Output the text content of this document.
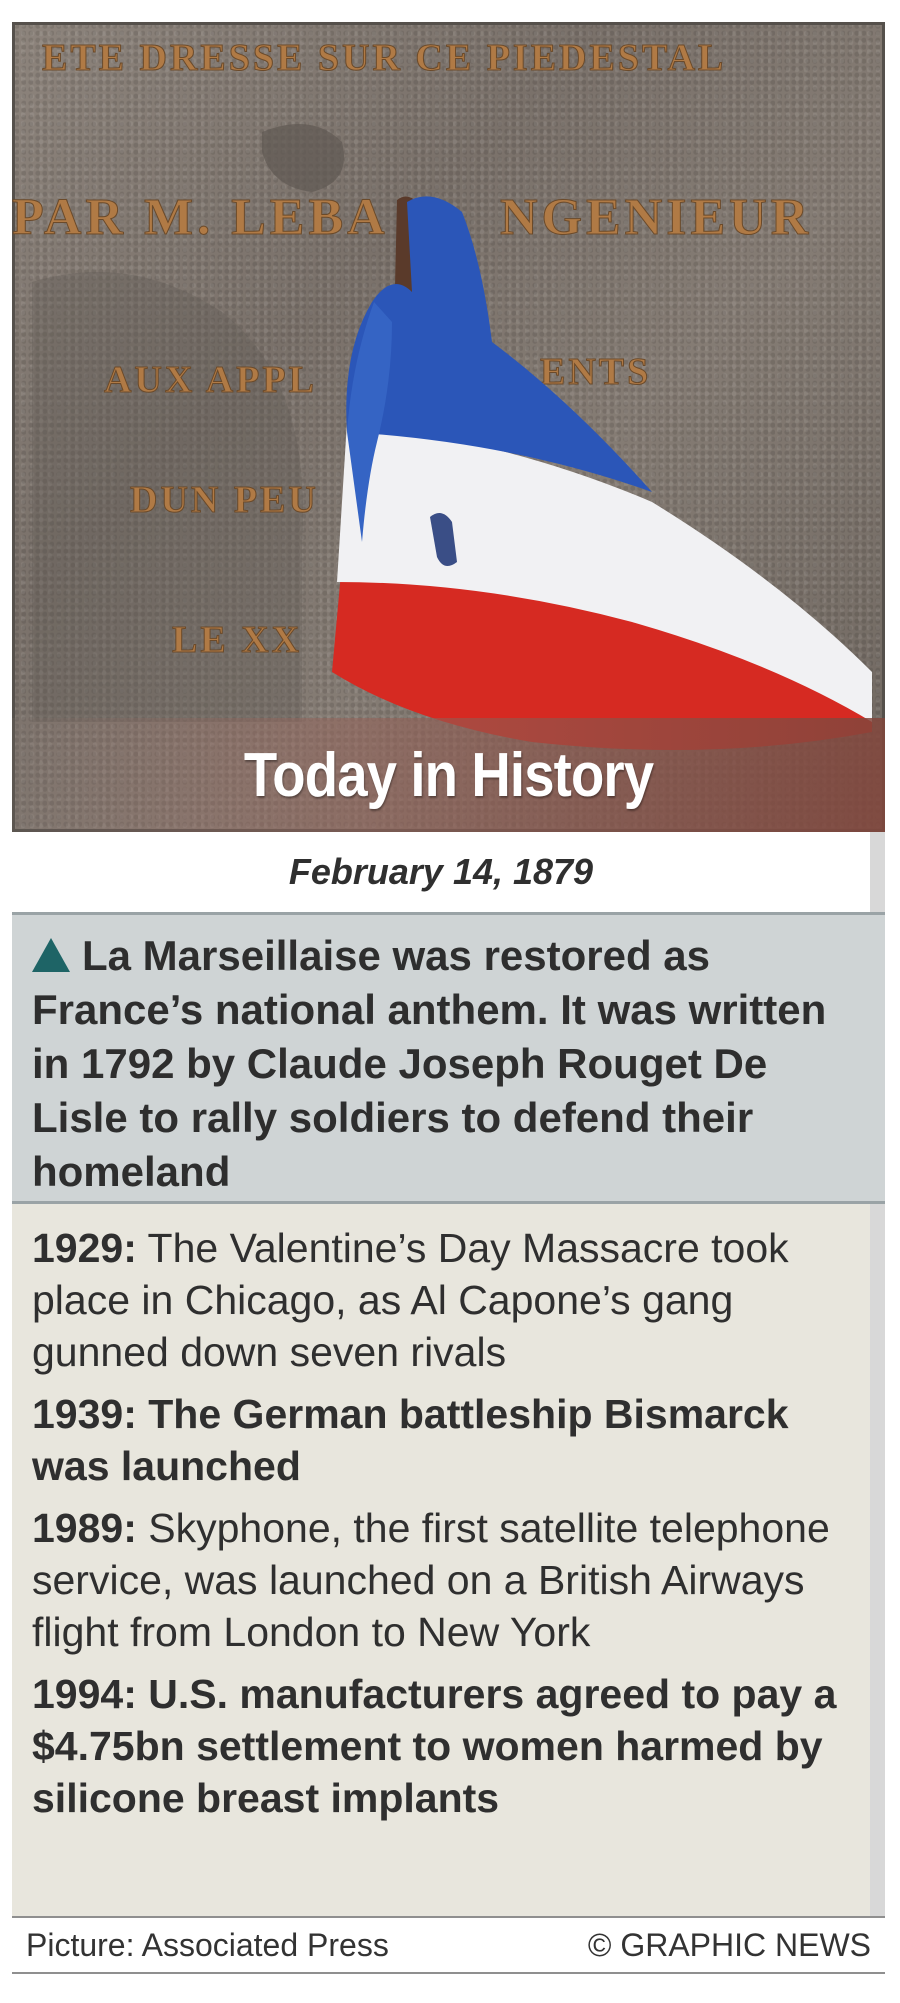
ETE DRESSE SUR CE PIEDESTAL
PAR M. LEBA NGENIEUR
AUX APPL	ENTS
DUN PEU
LE XX
Today in History
February 14, 1879
La Marseillaise was restored as France’s national anthem. It was written in 1792 by Claude Joseph Rouget De Lisle to rally soldiers to defend their homeland
1929: The Valentine’s Day Massacre took place in Chicago, as Al Capone’s gang gunned down seven rivals
1939: The German battleship Bismarck was launched
1989: Skyphone, the first satellite telephone service, was launched on a British Airways flight from London to New York
1994: U.S. manufacturers agreed to pay a $4.75bn settlement to women harmed by silicone breast implants
Picture: Associated Press	© GRAPHIC NEWS
